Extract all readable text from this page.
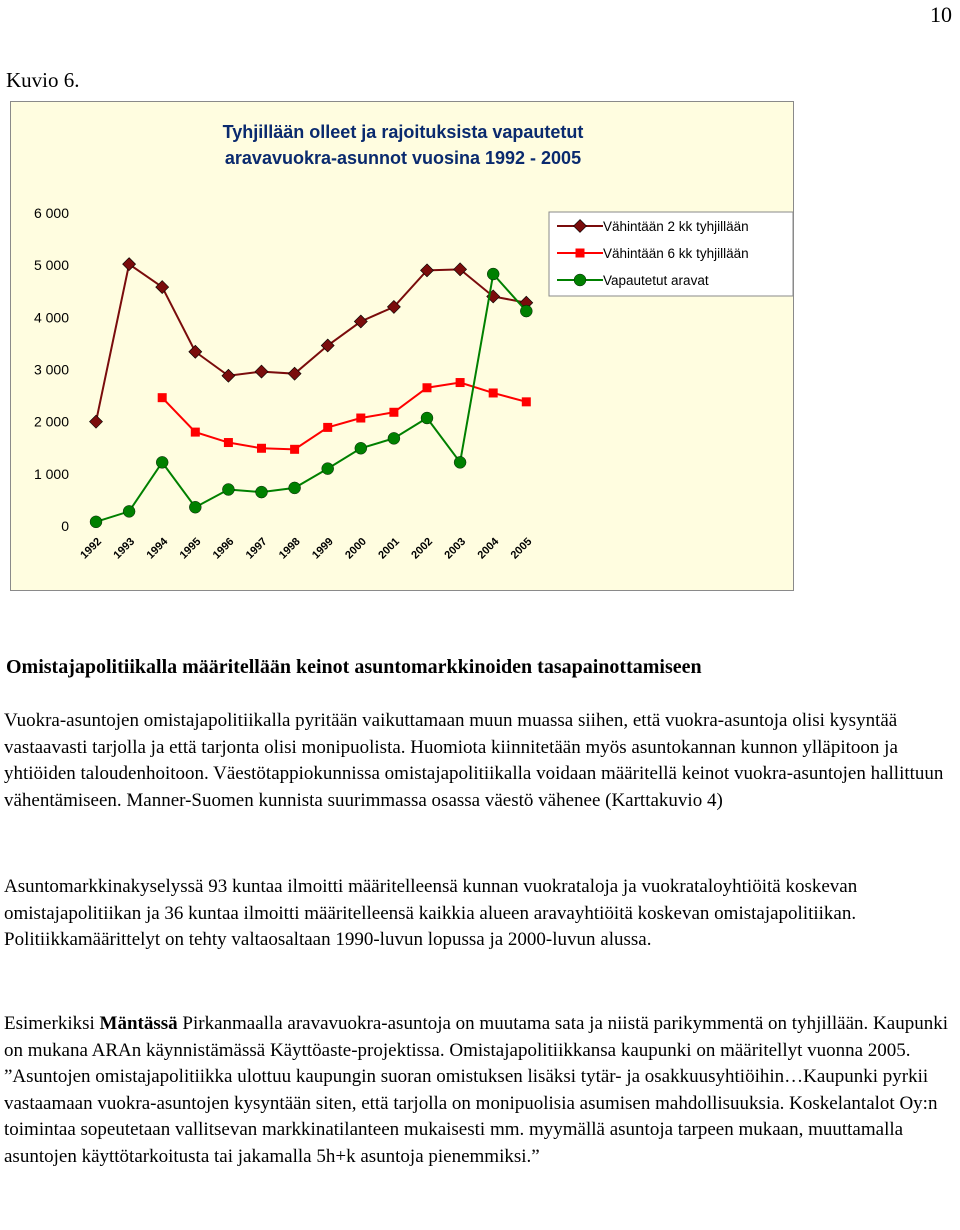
10
Kuvio 6.
Tyhjillään olleet ja rajoituksista vapautetut
aravavuokra-asunnot vuosina 1992 - 2005
0
1 000
2 000
3 000
4 000
5 000
6 000
1992 1993 1994 1995 1996 1997 1998 1999 2000 2001 2002 2003 2004 2005
Vähintään 2 kk tyhjillään
Vähintään 6 kk tyhjillään
Vapautetut aravat
Omistajapolitiikalla määritellään keinot asuntomarkkinoiden tasapainottamiseen

Vuokra-asuntojen omistajapolitiikalla pyritään vaikuttamaan muun muassa siihen, että vuokra-asuntoja olisi kysyntää vastaavasti tarjolla ja että tarjonta olisi monipuolista. Huomiota kiinnitetään myös asuntokannan kunnon ylläpitoon ja yhtiöiden taloudenhoitoon. Väestötappiokunnissa omistajapolitiikalla voidaan määritellä keinot vuokra-asuntojen hallittuun vähentämiseen. Manner-Suomen kunnista suurimmassa osassa väestö vähenee (Karttakuvio 4)

Asuntomarkkinakyselyssä 93 kuntaa ilmoitti määritelleensä kunnan vuokrataloja ja vuokrataloyhtiöitä koskevan omistajapolitiikan ja 36 kuntaa ilmoitti määritelleensä kaikkia alueen aravayhtiöitä koskevan omistajapolitiikan. Politiikkamäärittelyt on tehty valtaosaltaan 1990-luvun lopussa ja 2000-luvun alussa.

Esimerkiksi Mäntässä Pirkanmaalla aravavuokra-asuntoja on muutama sata ja niistä parikymmentä on tyhjillään. Kaupunki on mukana ARAn käynnistämässä Käyttöaste-projektissa. Omistajapolitiikkansa kaupunki on määritellyt vuonna 2005. ”Asuntojen omistajapolitiikka ulottuu kaupungin suoran omistuksen lisäksi tytär- ja osakkuusyhtiöihin…Kaupunki pyrkii vastaamaan vuokra-asuntojen kysyntään siten, että tarjolla on monipuolisia asumisen mahdollisuuksia. Koskelantalot Oy:n toimintaa sopeutetaan vallitsevan markkinatilanteen mukaisesti mm. myymällä asuntoja tarpeen mukaan, muuttamalla asuntojen käyttötarkoitusta tai jakamalla 5h+k asuntoja pienemmiksi.”
